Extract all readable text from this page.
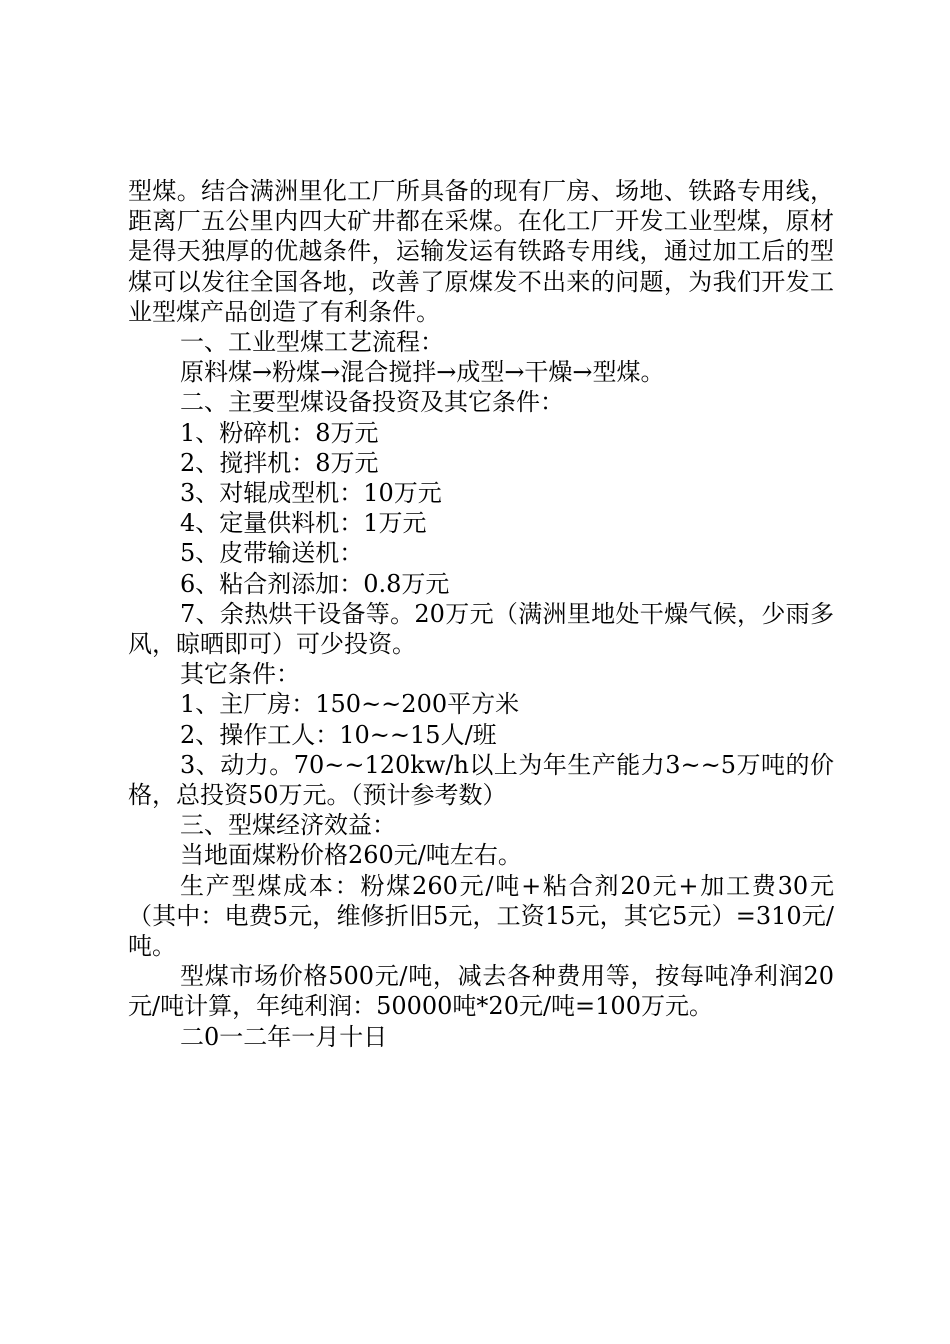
型煤。结合满洲里化工厂所具备的现有厂房、场地、铁路专用线，距离厂五公里内四大矿井都在采煤。在化工厂开发工业型煤，原材是得天独厚的优越条件，运输发运有铁路专用线，通过加工后的型煤可以发往全国各地，改善了原煤发不出来的问题，为我们开发工业型煤产品创造了有利条件。

一、工业型煤工艺流程：

原料煤→粉煤→混合搅拌→成型→干燥→型煤。

二、主要型煤设备投资及其它条件：

1、粉碎机：8万元

2、搅拌机：8万元

3、对辊成型机：10万元

4、定量供料机：1万元

5、皮带输送机：

6、粘合剂添加：0.8万元

7、余热烘干设备等。20万元（满洲里地处干燥气候，少雨多风，晾晒即可）可少投资。

其它条件：

1、主厂房：150~~200平方米

2、操作工人：10~~15人/班

3、动力。70~~120kw/h以上为年生产能力3~~5万吨的价格，总投资50万元。（预计参考数）

三、型煤经济效益：

当地面煤粉价格260元/吨左右。

生产型煤成本：粉煤260元/吨+粘合剂20元+加工费30元（其中：电费5元，维修折旧5元，工资15元，其它5元）=310元/吨。

型煤市场价格500元/吨，减去各种费用等，按每吨净利润20元/吨计算，年纯利润：50000吨*20元/吨=100万元。

二0一二年一月十日
